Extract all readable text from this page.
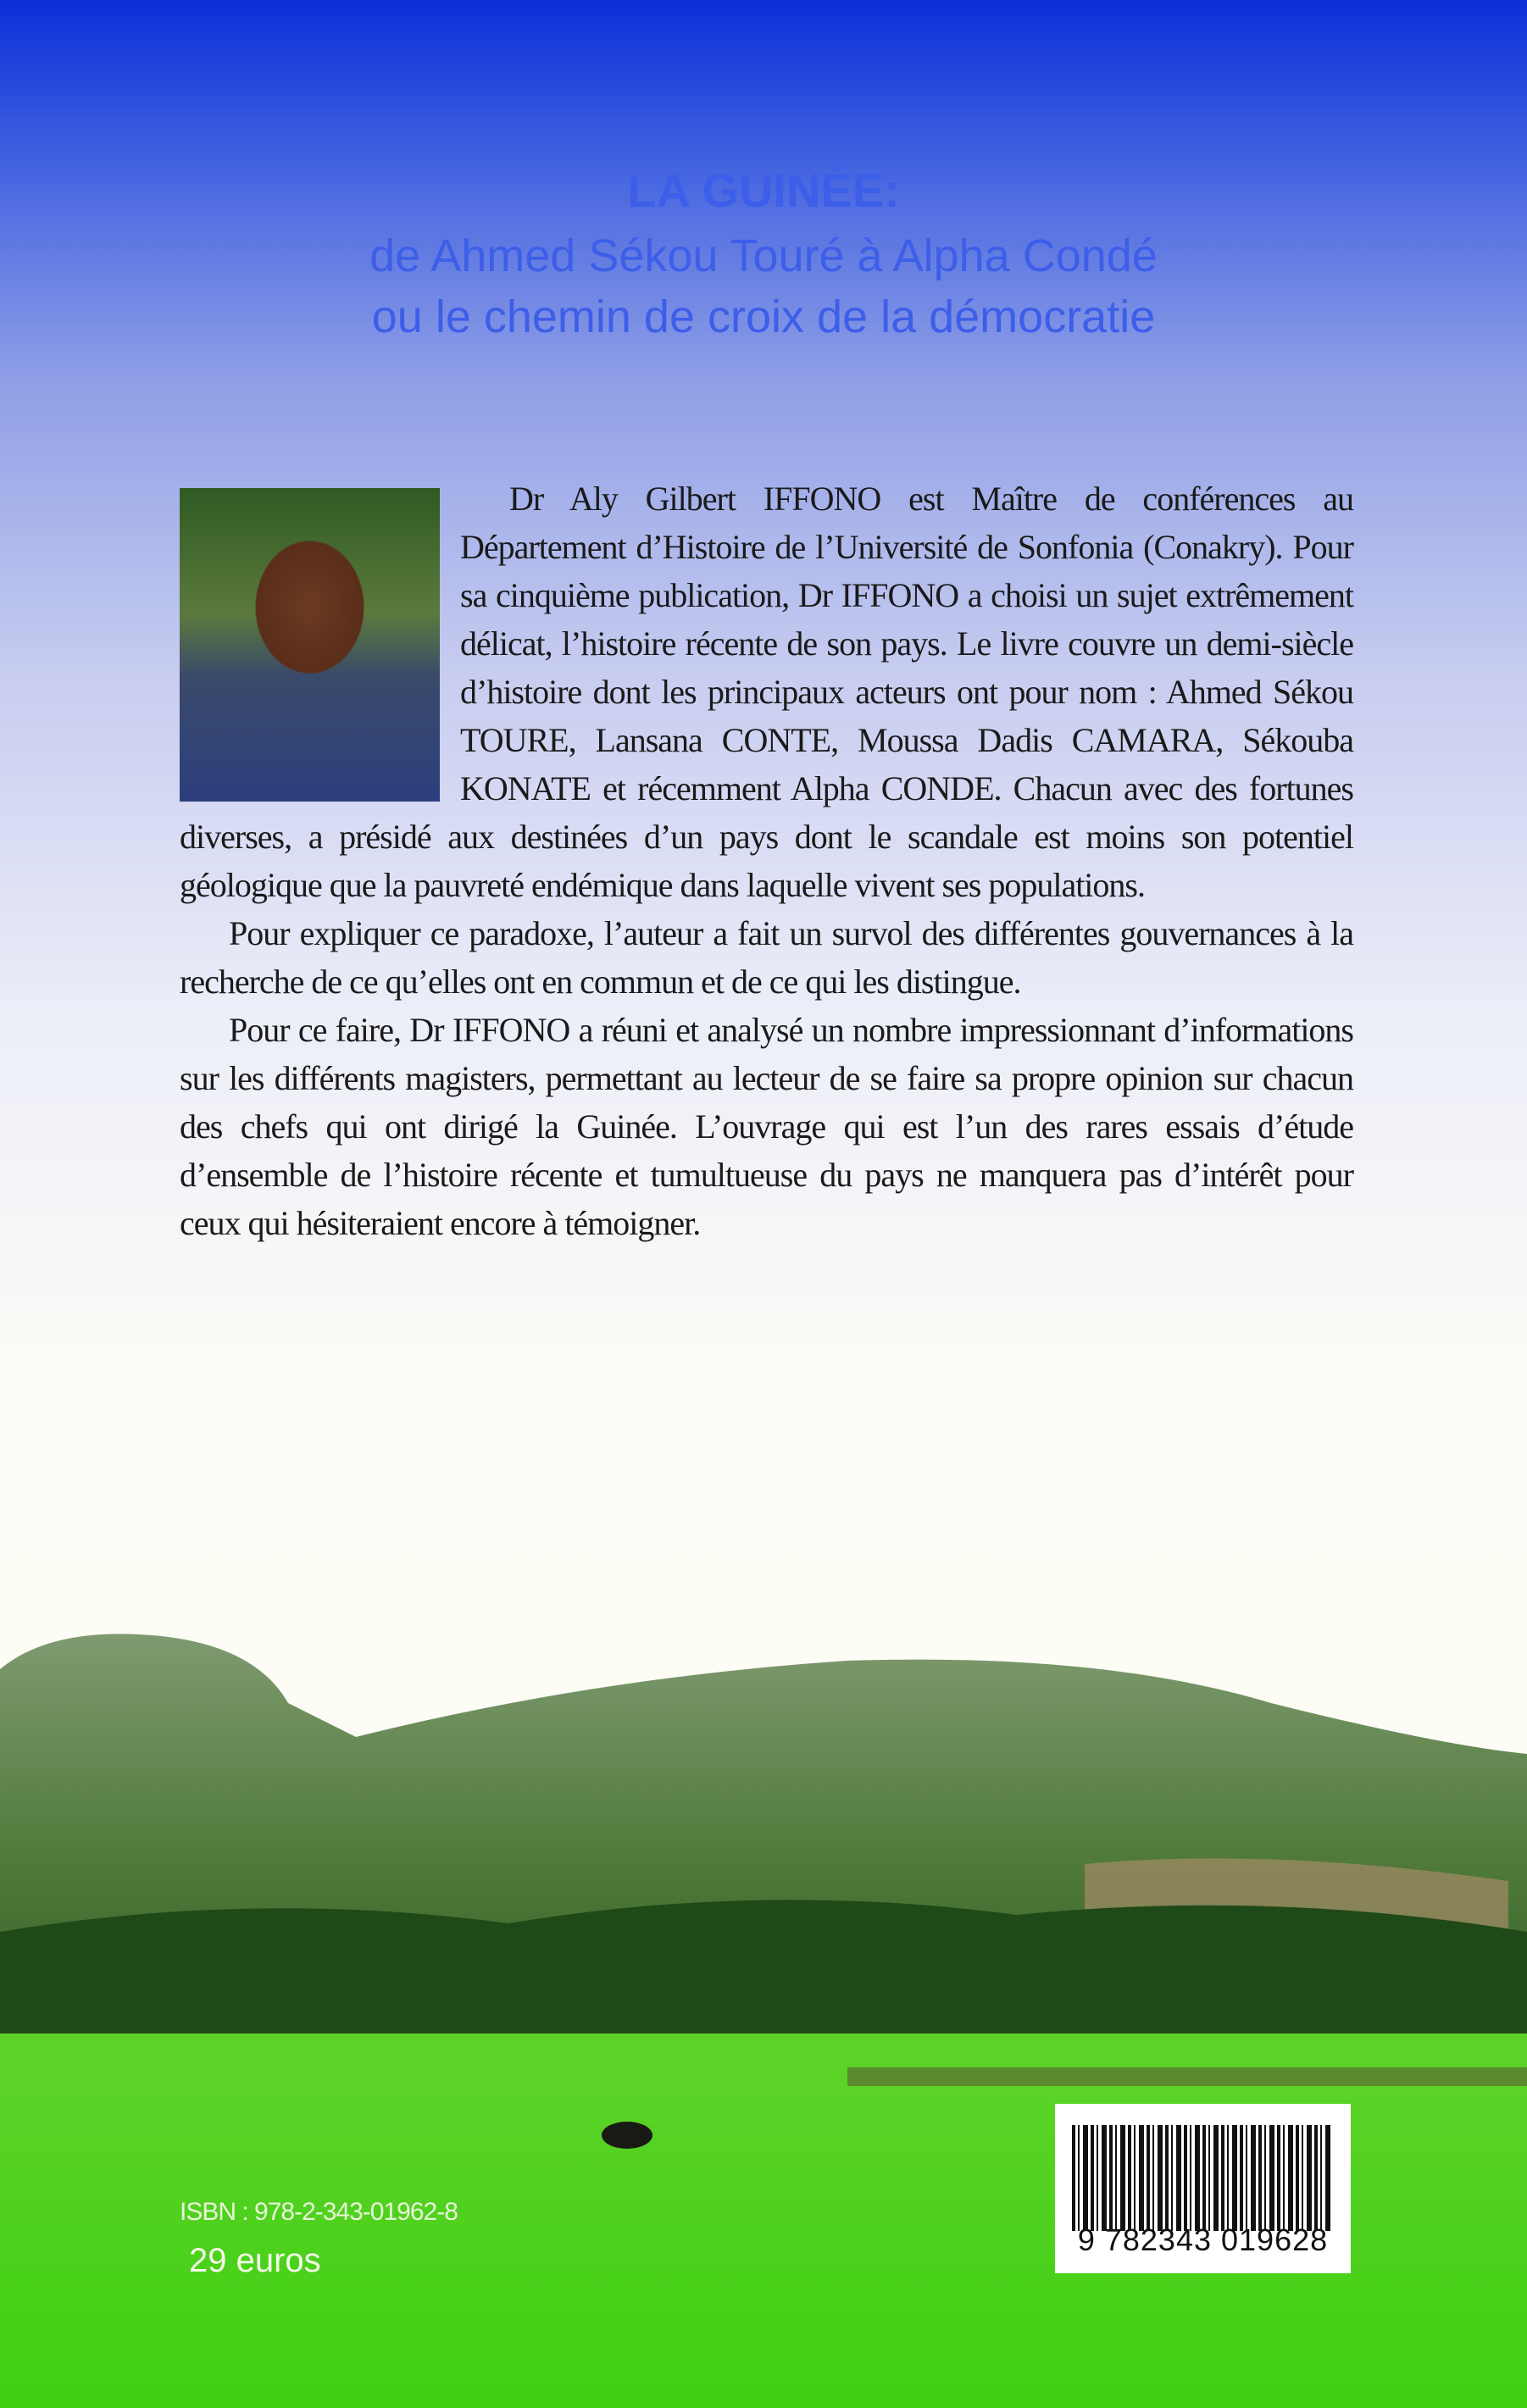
LA GUINÉE:
de Ahmed Sékou Touré à Alpha Condé
ou le chemin de croix de la démocratie

Dr Aly Gilbert IFFONO est Maître de conférences au Département d’Histoire de l’Université de Sonfonia (Conakry). Pour sa cinquième publication, Dr IFFONO a choisi un sujet extrêmement délicat, l’histoire récente de son pays. Le livre couvre un demi-siècle d’histoire dont les principaux acteurs ont pour nom : Ahmed Sékou TOURE, Lansana CONTE, Moussa Dadis CAMARA, Sékouba KONATE et récemment Alpha CONDE. Chacun avec des fortunes diverses, a présidé aux destinées d’un pays dont le scandale est moins son potentiel géologique que la pauvreté endémique dans laquelle vivent ses populations.

Pour expliquer ce paradoxe, l’auteur a fait un survol des différentes gouvernances à la recherche de ce qu’elles ont en commun et de ce qui les distingue.

Pour ce faire, Dr IFFONO a réuni et analysé un nombre impressionnant d’informations sur les différents magisters, permettant au lecteur de se faire sa propre opinion sur chacun des chefs qui ont dirigé la Guinée. L’ouvrage qui est l’un des rares essais d’étude d’ensemble de l’histoire récente et tumultueuse du pays ne manquera pas d’intérêt pour ceux qui hésiteraient encore à témoigner.

ISBN : 978-2-343-01962-8
29 euros
9 782343 019628
